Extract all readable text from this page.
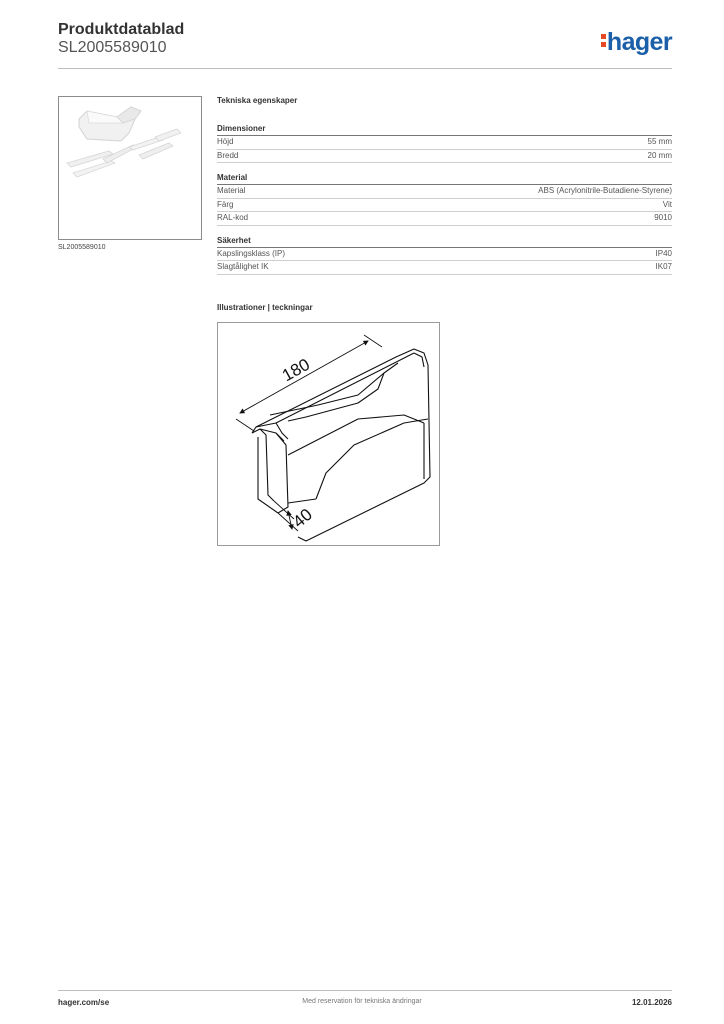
Produktdatablad
SL2005589010	hager
SL2005589010
Tekniska egenskaper
Dimensioner
Höjd	55 mm
Bredd	20 mm
Material
Material	ABS (Acrylonitrile-Butadiene-Styrene)
Färg	Vit
RAL-kod	9010
Säkerhet
Kapslingsklass (IP)	IP40
Slagtålighet IK	IK07
Illustrationer | teckningar
180
40
hager.com/se	Med reservation för tekniska ändringar	12.01.2026
